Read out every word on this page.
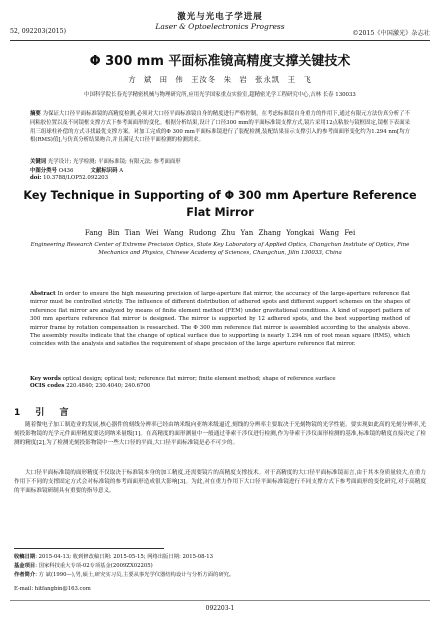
52, 092203(2015)
激光与光电子学进展
Laser & Optoelectronics Progress
©2015《中国激光》杂志社
Φ 300 mm 平面标准镜高精度支撑关键技术
方 斌 田 伟 王汝冬 朱 岩 张永凯 王 飞
中国科学院长春光学精密机械与物理研究所,应用光学国家重点实验室,超精密光学工程研究中心,吉林 长春 130033
摘要 为保证大口径平面标准镜的高精度检测,必须对大口径平面标准镜自身的精度进行严格控制。在考虑标准镜自身重力的作用下,通过有限元方法仿真分析了不同粘胶位置以及不同镜框支撑方式下参考面面形的变化。根据分析结果,设计了口径300 mm的平面标准镜支撑方式,镜片采用12点粘胶与镜框固定,镜框下表面采用三组球柱补偿的方式寻找最优支撑方案。对加工完成的Φ 300 mm平面标准镜进行了装配检测,装配结果显示支撑引入的参考面面形变化约为1.294 nm[均方根(RMS)值],与仿真分析结果吻合,并且满足大口径平面检测的检测需求。
关键词 光学设计; 光学检测; 平面标准镜; 有限元法; 参考面面形
中图分类号 O436	文献标识码 A
doi: 10.3788/LOP52.092203
Key Technique in Supporting of Φ 300 mm Aperture Reference Flat Mirror
Fang Bin Tian Wei Wang Rudong Zhu Yan Zhang Yongkai Wang Fei
Engineering Research Center of Extreme Precision Optics, State Key Laboratory of Applied Optics, Changchun Institute of Optics, Fine Mechanics and Physics, Chinese Academy of Sciences, Changchun, Jilin 130033, China
Abstract In order to ensure the high measuring precision of large-aperture flat mirror, the accuracy of the large-aperture reference flat mirror must be controlled strictly. The influence of different distribution of adhered spots and different support schemes on the shapes of reference flat mirror are analyzed by means of finite element method (FEM) under gravitational conditions. A kind of support pattern of 300 mm aperture reference flat mirror is designed. The mirror is supported by 12 adhered spots, and the best supporting method of mirror frame by rotation compensation is researched. The Φ 300 mm reference flat mirror is assembled according to the analysis above. The assembly results indicate that the change of optical surface due to supporting is nearly 1.294 nm of root mean square (RMS), which coincides with the analysis and satisfies the requirement of shape precision of the large aperture reference flat mirror.
Key words optical design; optical test; reference flat mirror; finite element method; shape of reference surface
OCIS codes 220.4840; 230.4040; 240.6700
1 引 言
随着微电子加工制造业的发展,核心器件的刻线分辨率已经由纳米级向亚纳米级逼近,刻线的分辨率主要取决于光刻物镜的光学性能。要实现如此高的光刻分辨率,光刻投影物镜的光学元件面形精度要达到纳米量级[1]。在高精度的面形测量中一般通过菲索干涉仪进行检测,作为菲索干涉仪面形检测的基准,标准镜的精度直接决定了检测的精度[2],为了检测光刻投影物镜中一些大口径的平面,大口径平面标准镜是必不可少的。
大口径平面标准镜的面形精度不仅取决于标准镜本身的加工精度,还需要镜片的高精度支撑技术。对于高精度的大口径平面标准镜而言,由于其本身质量较大,在重力作用下不同的支撑固定方式会对标准镜的参考面面形造成很大影响[3]。为此,对在重力作用下大口径平面标准镜进行不同支撑方式下参考面面形的变化研究,对于高精度的平面标准镜研制具有重要的指导意义。
收稿日期: 2015-04-13; 收到修改稿日期: 2015-05-15; 网络出版日期: 2015-08-13
基金项目: 国家科技重大专项-02专项基金(2009ZX02205)
作者简介: 方 斌(1990—),男,硕士,研究实习员,主要从事光学仪器结构设计与分析方面的研究。
E-mail: hitfangbin@163.com
092203-1
